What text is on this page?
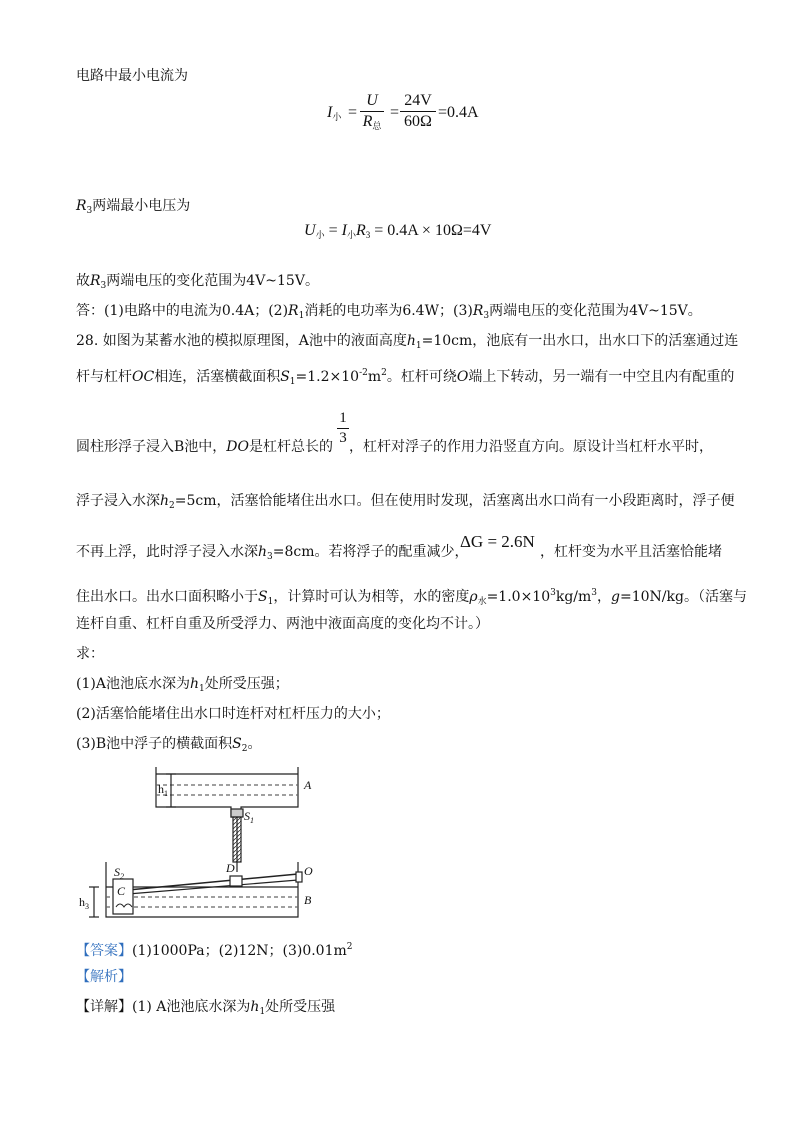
电路中最小电流为
$I_小$ =
U
$R_总$
=
24V
60Ω
=0.4A
$R_3$两端最小电压为
$U_小 = I_小R_3 = 0.4A \times 10\Omega=4V$
故$R_3$两端电压的变化范围为4V~15V。
答：(1)电路中的电流为0.4A；$(2)R_1$消耗的电功率为6.4W；$(3)R_3$两端电压的变化范围为4V~15V。
28. 如图为某蓄水池的模拟原理图，A池中的液面高度$h_1=10cm$，池底有一出水口，出水口下的活塞通过连
杆与杠杆OC相连，活塞横截面积$S_1=1.2\times 10^{-2}m^2$。杠杆可绕O端上下转动，另一端有一中空且内有配重的
圆柱形浮子浸入B池中，DO是杠杆总长的 ，杠杆对浮子的作用力沿竖直方向。原设计当杠杆水平时，
1
3
浮子浸入水深$h_2=5cm$，活塞恰能堵住出水口。但在使用时发现，活塞离出水口尚有一小段距离时，浮子便
不再上浮，此时浮子浸入水深$h_3=8cm$。若将浮子的配重减少，
ΔG = 2.6N
，杠杆变为水平且活塞恰能堵
住出水口。出水口面积略小于$S_1$，计算时可认为相等，水的密度$\rho_水=1.0\times 10^3kg/m^3$，g=10N/kg。（活塞与
连杆自重、杠杆自重及所受浮力、两池中液面高度的变化均不计。）
求：
(1)A池池底水深为$h_1$处所受压强；
(2)活塞恰能堵住出水口时连杆对杠杆压力的大小；
(3)B池中浮子的横截面积$S_2$。
$h_1$
A
$S_1$
$S_2$
D	O
C
$h_3$	B
【答案】(1)1000Pa；(2)12N；$(3)0.01m^2$
【解析】
【详解】(1) A池池底水深为$h_1$处所受压强
